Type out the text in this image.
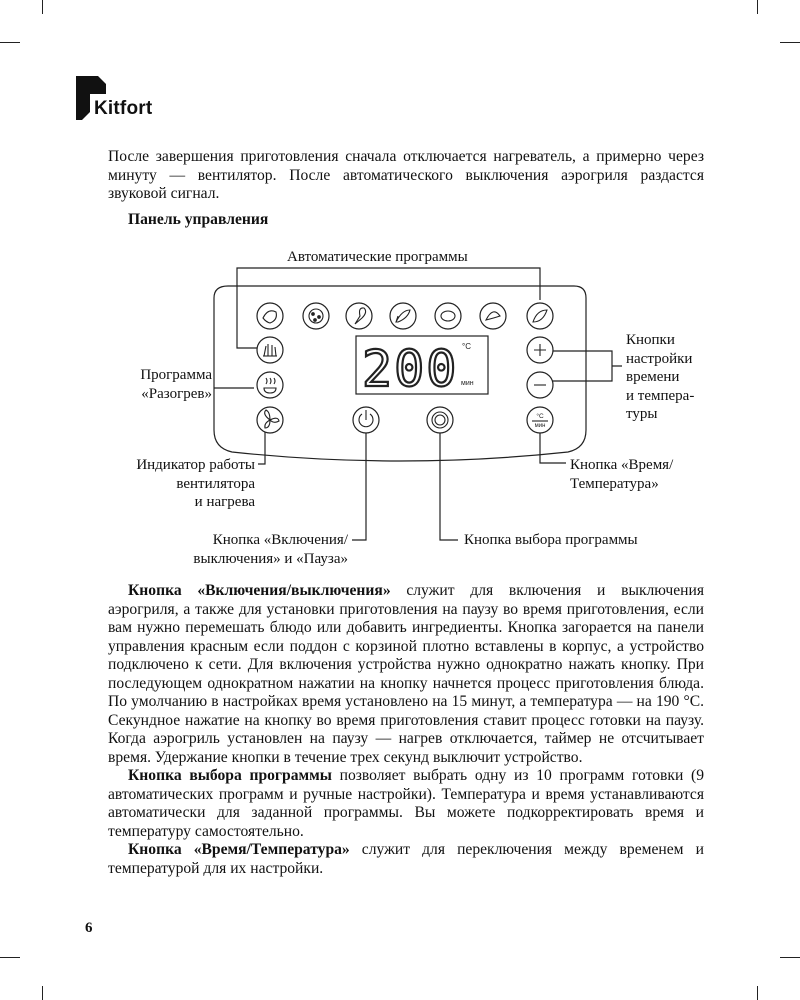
Kitfort
После завершения приготовления сначала отключается нагреватель, а примерно через минуту — вентилятор. После автоматического выключения аэрогриля раздастся звуковой сигнал.
Панель управления
°C
мин
200 °C
мин
Автоматические программы

Программа

«Разогрев»

Кнопки

настройки

времени

и темпера-

туры

Индикатор работы

вентилятора

и нагрева

Кнопка «Время/

Температура»

Кнопка «Включения/

выключения» и «Пауза»

Кнопка выбора программы

Кнопка «Включения/выключения» служит для включения и выключения аэрогриля, а также для установки приготовления на паузу во время приготовления, если вам нужно перемешать блюдо или добавить ингредиенты. Кнопка загорается на панели управления красным если поддон с корзиной плотно вставлены в корпус, а устройство подключено к сети. Для включения устройства нужно однократно нажать кнопку. При последующем однократном нажатии на кнопку начнется процесс приготовления блюда. По умолчанию в настройках время установлено на 15 минут, а температура — на 190 °С. Секундное нажатие на кнопку во время приготовления ставит процесс готовки на паузу. Когда аэрогриль установлен на паузу — нагрев отключается, таймер не отсчитывает время. Удержание кнопки в течение трех секунд выключит устройство.

Кнопка выбора программы позволяет выбрать одну из 10 программ готовки (9 автоматических программ и ручные настройки). Температура и время устанавливаются автоматически для заданной программы. Вы можете подкорректировать время и температуру самостоятельно.

Кнопка «Время/Температура» служит для переключения между временем и температурой для их настройки.

6
